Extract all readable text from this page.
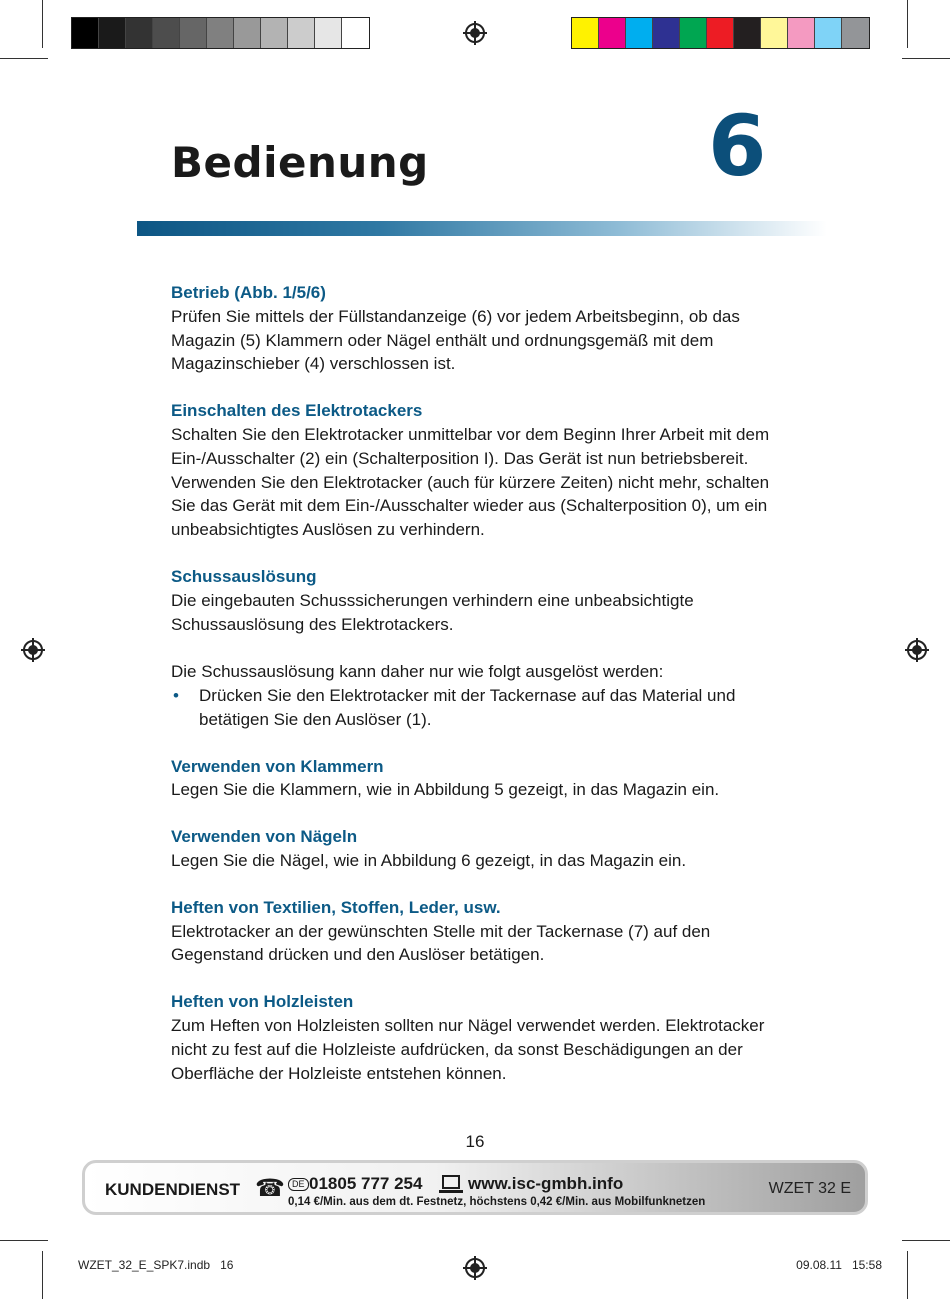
Bedienung	6
Betrieb (Abb. 1/5/6)

Prüfen Sie mittels der Füllstandanzeige (6) vor jedem Arbeitsbeginn, ob das Magazin (5) Klammern oder Nägel enthält und ordnungsgemäß mit dem Magazinschieber (4) verschlossen ist.

Einschalten des Elektrotackers

Schalten Sie den Elektrotacker unmittelbar vor dem Beginn Ihrer Arbeit mit dem Ein-/Ausschalter (2) ein (Schalterposition I). Das Gerät ist nun betriebsbereit. Verwenden Sie den Elektrotacker (auch für kürzere Zeiten) nicht mehr, schalten Sie das Gerät mit dem Ein-/Ausschalter wieder aus (Schalterposition 0), um ein unbeabsichtigtes Auslösen zu verhindern.

Schussauslösung

Die eingebauten Schusssicherungen verhindern eine unbeabsichtigte Schussauslösung des Elektrotackers.

Die Schussauslösung kann daher nur wie folgt ausgelöst werden:

• Drücken Sie den Elektrotacker mit der Tackernase auf das Material und betätigen Sie den Auslöser (1).
Verwenden von Klammern

Legen Sie die Klammern, wie in Abbildung 5 gezeigt, in das Magazin ein.

Verwenden von Nägeln

Legen Sie die Nägel, wie in Abbildung 6 gezeigt, in das Magazin ein.

Heften von Textilien, Stoffen, Leder, usw.

Elektrotacker an der gewünschten Stelle mit der Tackernase (7) auf den Gegenstand drücken und den Auslöser betätigen.

Heften von Holzleisten

Zum Heften von Holzleisten sollten nur Nägel verwendet werden. Elektrotacker nicht zu fest auf die Holzleiste aufdrücken, da sonst Beschädigungen an der Oberfläche der Holzleiste entstehen können.

16
KUNDENDIENST ☎ DE 01805 777 254	www.isc-gmbh.info
0,14 €/Min. aus dem dt. Festnetz, höchstens 0,42 €/Min. aus Mobilfunknetzen
WZET 32 E
WZET_32_E_SPK7.indb   16	09.08.11   15:58
